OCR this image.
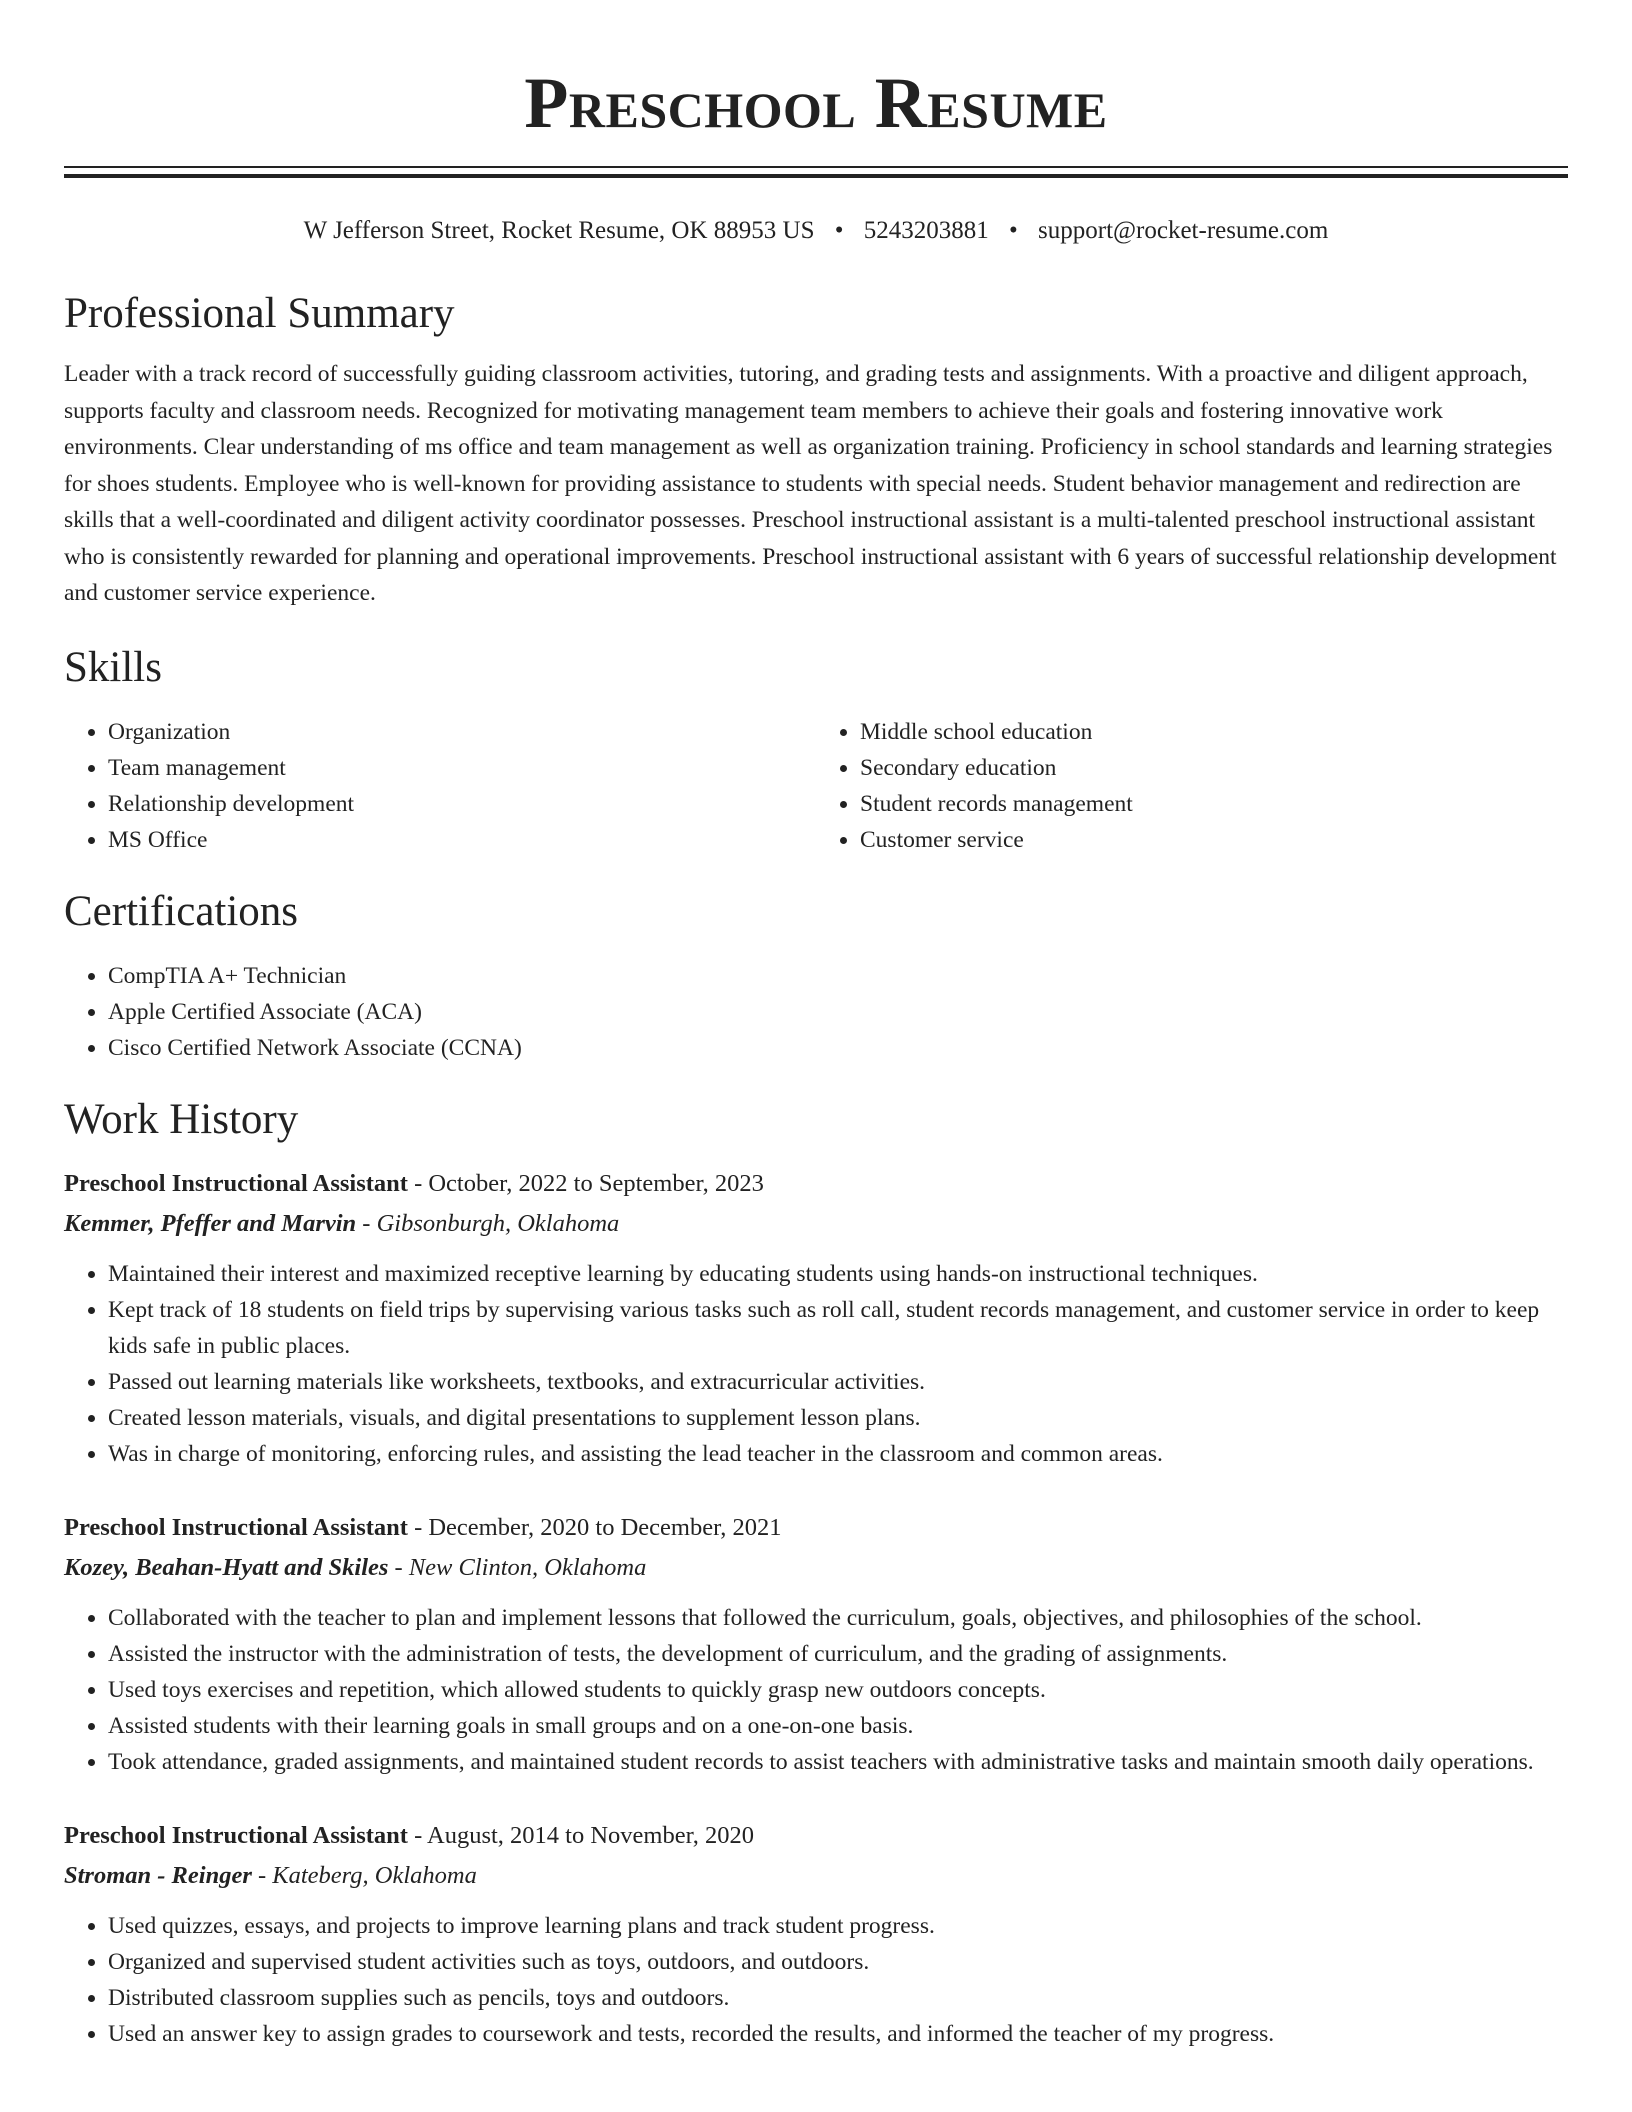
Preschool Resume
W Jefferson Street, Rocket Resume, OK 88953 US • 5243203881 • support@rocket-resume.com
Professional Summary
Leader with a track record of successfully guiding classroom activities, tutoring, and grading tests and assignments. With a proactive and diligent approach, supports faculty and classroom needs. Recognized for motivating management team members to achieve their goals and fostering innovative work environments. Clear understanding of ms office and team management as well as organization training. Proficiency in school standards and learning strategies for shoes students. Employee who is well-known for providing assistance to students with special needs. Student behavior management and redirection are skills that a well-coordinated and diligent activity coordinator possesses. Preschool instructional assistant is a multi-talented preschool instructional assistant who is consistently rewarded for planning and operational improvements. Preschool instructional assistant with 6 years of successful relationship development and customer service experience.
Skills
• Organization
• Team management
• Relationship development
• MS Office
• Middle school education
• Secondary education
• Student records management
• Customer service
Certifications
• CompTIA A+ Technician
• Apple Certified Associate (ACA)
• Cisco Certified Network Associate (CCNA)
Work History
Preschool Instructional Assistant - October, 2022 to September, 2023
Kemmer, Pfeffer and Marvin - Gibsonburgh, Oklahoma
• Maintained their interest and maximized receptive learning by educating students using hands-on instructional techniques.
• Kept track of 18 students on field trips by supervising various tasks such as roll call, student records management, and customer service in order to keep kids safe in public places.
• Passed out learning materials like worksheets, textbooks, and extracurricular activities.
• Created lesson materials, visuals, and digital presentations to supplement lesson plans.
• Was in charge of monitoring, enforcing rules, and assisting the lead teacher in the classroom and common areas.
Preschool Instructional Assistant - December, 2020 to December, 2021
Kozey, Beahan-Hyatt and Skiles - New Clinton, Oklahoma
• Collaborated with the teacher to plan and implement lessons that followed the curriculum, goals, objectives, and philosophies of the school.
• Assisted the instructor with the administration of tests, the development of curriculum, and the grading of assignments.
• Used toys exercises and repetition, which allowed students to quickly grasp new outdoors concepts.
• Assisted students with their learning goals in small groups and on a one-on-one basis.
• Took attendance, graded assignments, and maintained student records to assist teachers with administrative tasks and maintain smooth daily operations.
Preschool Instructional Assistant - August, 2014 to November, 2020
Stroman - Reinger - Kateberg, Oklahoma
• Used quizzes, essays, and projects to improve learning plans and track student progress.
• Organized and supervised student activities such as toys, outdoors, and outdoors.
• Distributed classroom supplies such as pencils, toys and outdoors.
• Used an answer key to assign grades to coursework and tests, recorded the results, and informed the teacher of my progress.
